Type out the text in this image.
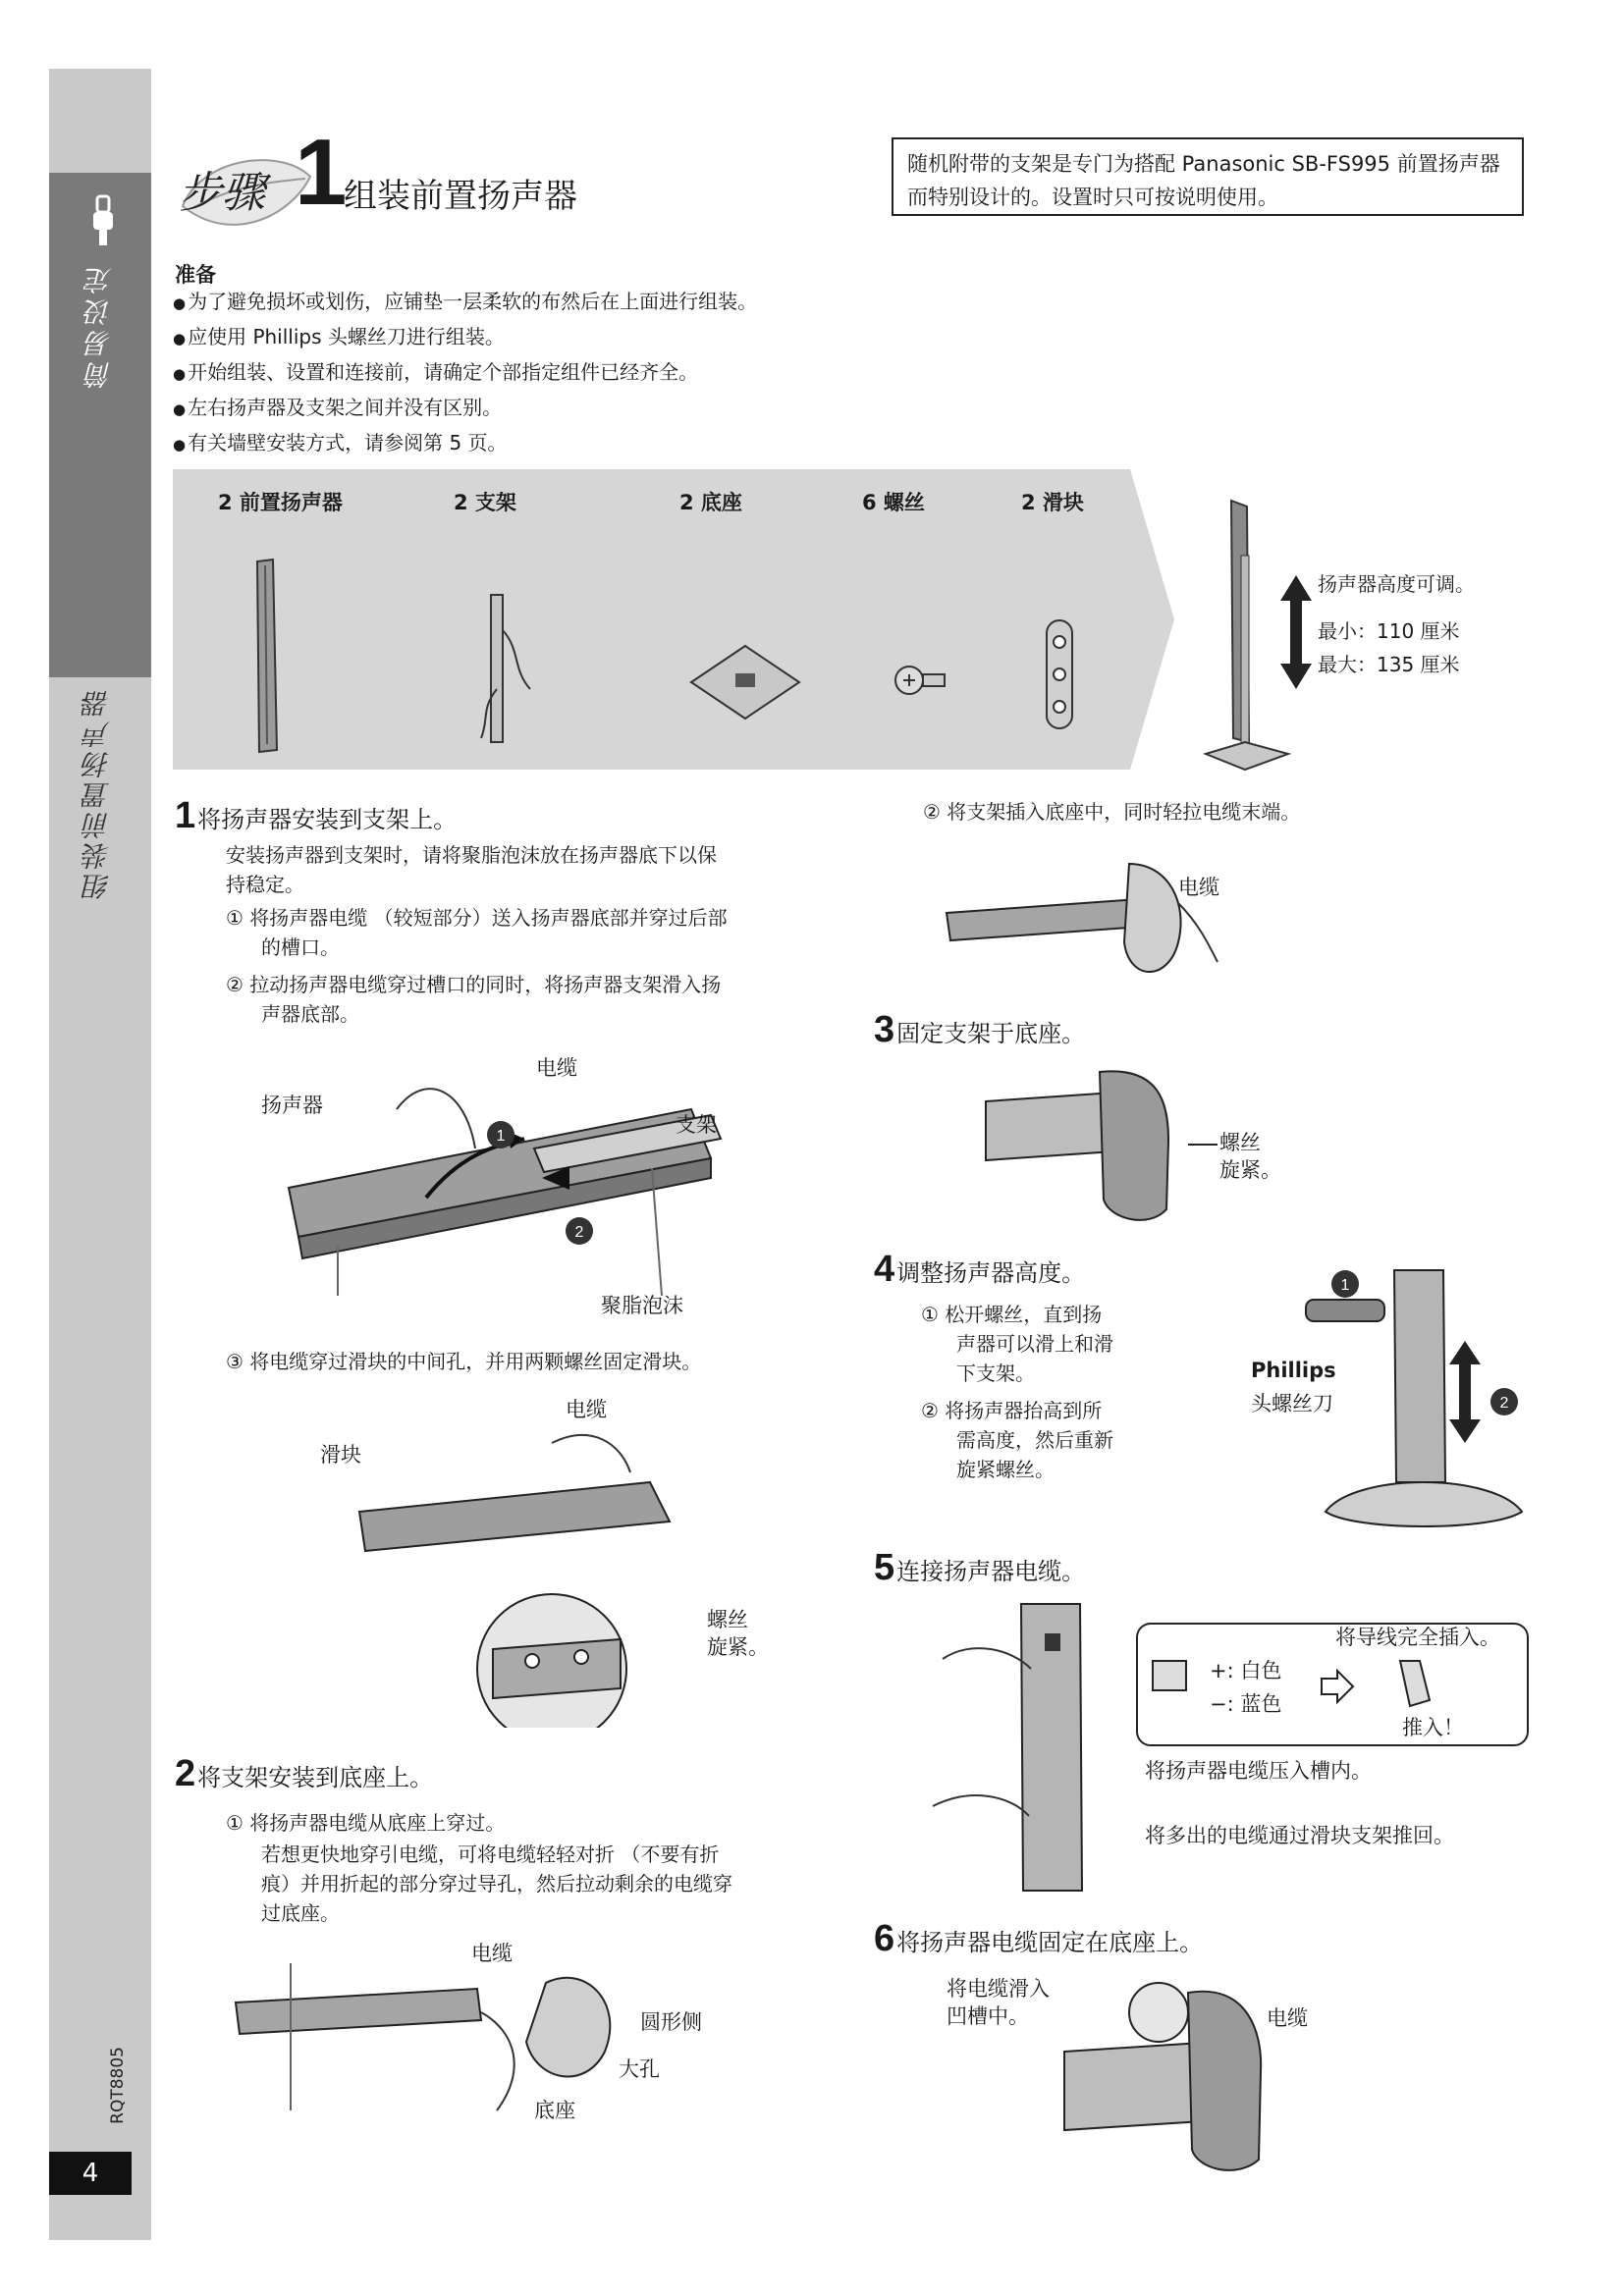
简易设定
组装前置扬声器
RQT8805
4
步骤 1
组装前置扬声器
随机附带的支架是专门为搭配 Panasonic SB-FS995 前置扬声器而特别设计的。设置时只可按说明使用。
准备
● 为了避免损坏或划伤，应铺垫一层柔软的布然后在上面进行组装。
● 应使用 Phillips 头螺丝刀进行组装。
● 开始组装、设置和连接前，请确定个部指定组件已经齐全。
● 左右扬声器及支架之间并没有区别。
● 有关墙壁安装方式，请参阅第 5 页。
2 前置扬声器	2 支架	2 底座	6 螺丝	2 滑块
扬声器高度可调。
最小：110 厘米
最大：135 厘米
1将扬声器安装到支架上。
安装扬声器到支架时，请将聚脂泡沫放在扬声器底下以保
持稳定。
① 将扬声器电缆 （较短部分）送入扬声器底部并穿过后部
的槽口。
② 拉动扬声器电缆穿过槽口的同时，将扬声器支架滑入扬
声器底部。
1
2
扬声器
电缆
支架
聚脂泡沫
③ 将电缆穿过滑块的中间孔，并用两颗螺丝固定滑块。
电缆
滑块
螺丝
旋紧。
2将支架安装到底座上。
① 将扬声器电缆从底座上穿过。
若想更快地穿引电缆，可将电缆轻轻对折 （不要有折
痕）并用折起的部分穿过导孔，然后拉动剩余的电缆穿
过底座。
电缆
圆形侧
大孔
底座
② 将支架插入底座中，同时轻拉电缆末端。
电缆
3固定支架于底座。
螺丝
旋紧。
4调整扬声器高度。
① 松开螺丝，直到扬
声器可以滑上和滑
下支架。
② 将扬声器抬高到所
需高度，然后重新
旋紧螺丝。
1
2
Phillips
头螺丝刀
5连接扬声器电缆。
将导线完全插入。
+: 白色
−: 蓝色
推入！
将扬声器电缆压入槽内。
将多出的电缆通过滑块支架推回。
6将扬声器电缆固定在底座上。
将电缆滑入
凹槽中。	电缆
